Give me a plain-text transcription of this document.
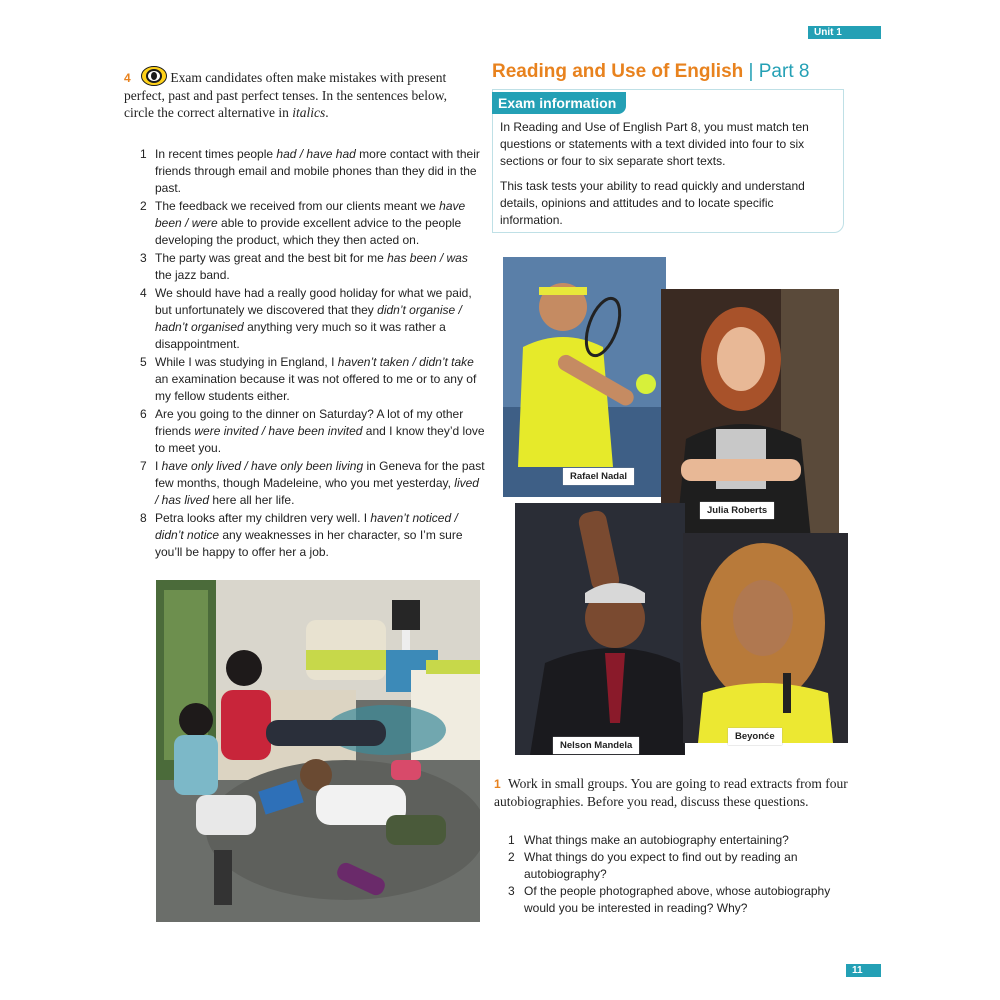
Unit 1
4	Exam candidates often make mistakes with present perfect, past and past perfect tenses. In the sentences below, circle the correct alternative in italics.
1 In recent times people had / have had more contact with their friends through email and mobile phones than they did in the past.
2 The feedback we received from our clients meant we have been / were able to provide excellent advice to the people developing the product, which they then acted on.
3 The party was great and the best bit for me has been / was the jazz band.
4 We should have had a really good holiday for what we paid, but unfortunately we discovered that they didn’t organise / hadn’t organised anything very much so it was rather a disappointment.
5 While I was studying in England, I haven’t taken / didn’t take an examination because it was not offered to me or to any of my fellow students either.
6 Are you going to the dinner on Saturday? A lot of my other friends were invited / have been invited and I know they’d love to meet you.
7 I have only lived / have only been living in Geneva for the past few months, though Madeleine, who you met yesterday, lived / has lived here all her life.
8 Petra looks after my children very well. I haven’t noticed / didn’t notice any weaknesses in her character, so I’m sure you’ll be happy to offer her a job.
Reading and Use of English | Part 8
Exam information

In Reading and Use of English Part 8, you must match ten questions or statements with a text divided into four to six sections or four to six separate short texts.

This task tests your ability to read quickly and understand details, opinions and attitudes and to locate specific information.

Rafael Nadal
Julia Roberts
Nelson Mandela
Beyonće
1 Work in small groups. You are going to read extracts from four autobiographies. Before you read, discuss these questions.
1 What things make an autobiography entertaining?
2 What things do you expect to find out by reading an autobiography?
3 Of the people photographed above, whose autobiography would you be interested in reading? Why?
11
